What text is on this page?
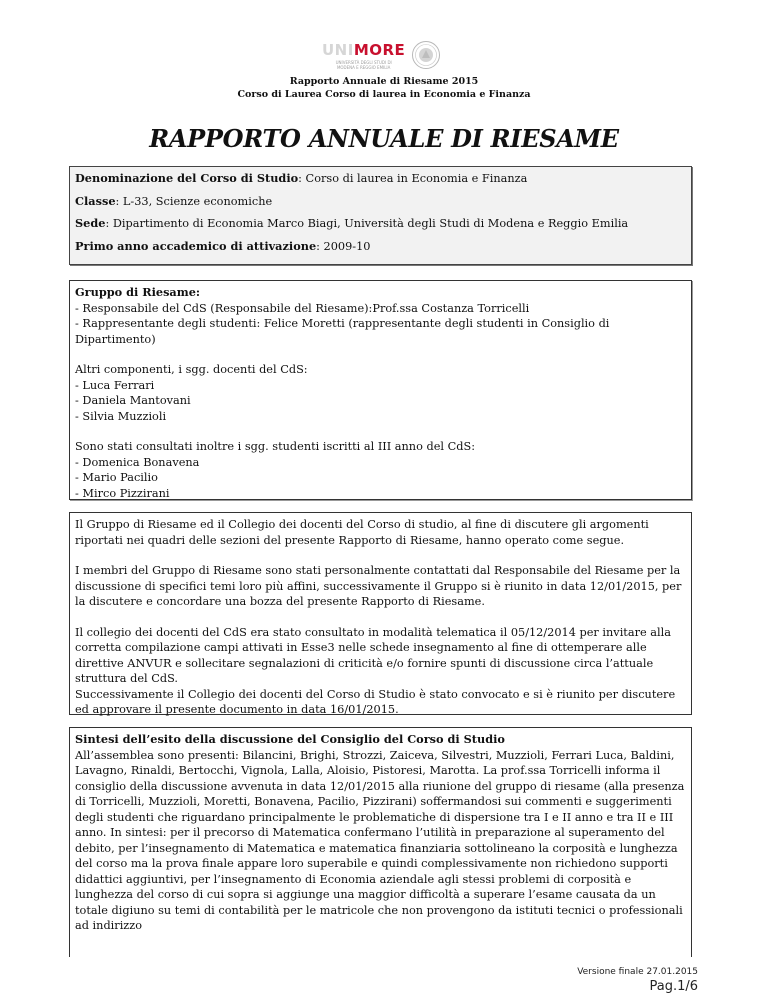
UNIMORE
UNIVERSITÀ DEGLI STUDI DI MODENA E REGGIO EMILIA
Rapporto Annuale di Riesame 2015
Corso di Laurea Corso di laurea in Economia e Finanza
RAPPORTO ANNUALE DI RIESAME
Denominazione del Corso di Studio: Corso di laurea in Economia e Finanza
Classe: L-33, Scienze economiche
Sede: Dipartimento di Economia Marco Biagi, Università degli Studi di Modena e Reggio Emilia
Primo anno accademico di attivazione: 2009-10

Gruppo di Riesame:

- Responsabile del CdS (Responsabile del Riesame):Prof.ssa Costanza Torricelli

- Rappresentante degli studenti: Felice Moretti (rappresentante degli studenti in Consiglio di Dipartimento)

Altri componenti, i sgg. docenti del CdS:

- Luca Ferrari

- Daniela Mantovani

- Silvia Muzzioli

Sono stati consultati inoltre i sgg. studenti iscritti al III anno del CdS:

- Domenica Bonavena

- Mario Pacilio

- Mirco Pizzirani

Il Gruppo di Riesame ed il Collegio dei docenti del Corso di studio, al fine di discutere gli argomenti riportati nei quadri delle sezioni del presente Rapporto di Riesame, hanno operato come segue.

I membri del Gruppo di Riesame sono stati personalmente contattati dal Responsabile del Riesame per la discussione di specifici temi loro più affini, successivamente il Gruppo si è riunito in data 12/01/2015, per la discutere e concordare una bozza del presente Rapporto di Riesame.

Il collegio dei docenti del CdS era stato consultato in modalità telematica il 05/12/2014 per invitare alla corretta compilazione campi attivati in Esse3 nelle schede insegnamento al fine di ottemperare alle direttive ANVUR e sollecitare segnalazioni di criticità e/o fornire spunti di discussione circa l’attuale struttura del CdS.

Successivamente il Collegio dei docenti del Corso di Studio è stato convocato e si è riunito per discutere ed approvare il presente documento in data 16/01/2015.

Sintesi dell’esito della discussione del Consiglio del Corso di Studio

All’assemblea sono presenti: Bilancini, Brighi, Strozzi, Zaiceva, Silvestri, Muzzioli, Ferrari Luca, Baldini, Lavagno, Rinaldi, Bertocchi, Vignola, Lalla, Aloisio, Pistoresi, Marotta. La prof.ssa Torricelli informa il consiglio della discussione avvenuta in data 12/01/2015 alla riunione del gruppo di riesame (alla presenza di Torricelli, Muzzioli, Moretti, Bonavena, Pacilio, Pizzirani) soffermandosi sui commenti e suggerimenti degli studenti che riguardano principalmente le problematiche di dispersione tra I e II anno e tra II e III anno. In sintesi: per il precorso di Matematica confermano l’utilità in preparazione al superamento del debito, per l’insegnamento di Matematica e matematica finanziaria sottolineano la corposità e lunghezza del corso ma la prova finale appare loro superabile e quindi complessivamente non richiedono supporti didattici aggiuntivi, per l’insegnamento di Economia aziendale agli stessi problemi di corposità e lunghezza del corso di cui sopra si aggiunge una maggior difficoltà a superare l’esame causata da un totale digiuno su temi di contabilità per le matricole che non provengono da istituti tecnici o professionali ad indirizzo

Versione finale 27.01.2015
Pag.1/6
